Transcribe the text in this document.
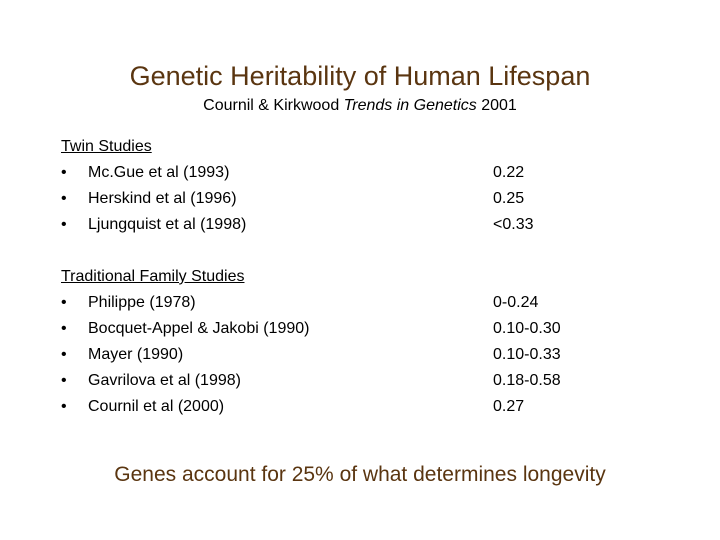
Genetic Heritability of Human Lifespan
Cournil & Kirkwood Trends in Genetics 2001
Twin Studies
• Mc.Gue et al (1993)	0.22
• Herskind et al (1996)	0.25
• Ljungquist et al (1998)	<0.33
Traditional Family Studies
• Philippe (1978)	0-0.24
• Bocquet-Appel & Jakobi (1990)	0.10-0.30
• Mayer (1990)	0.10-0.33
• Gavrilova et al (1998)	0.18-0.58
• Cournil et al (2000)	0.27
Genes account for 25% of what determines longevity
